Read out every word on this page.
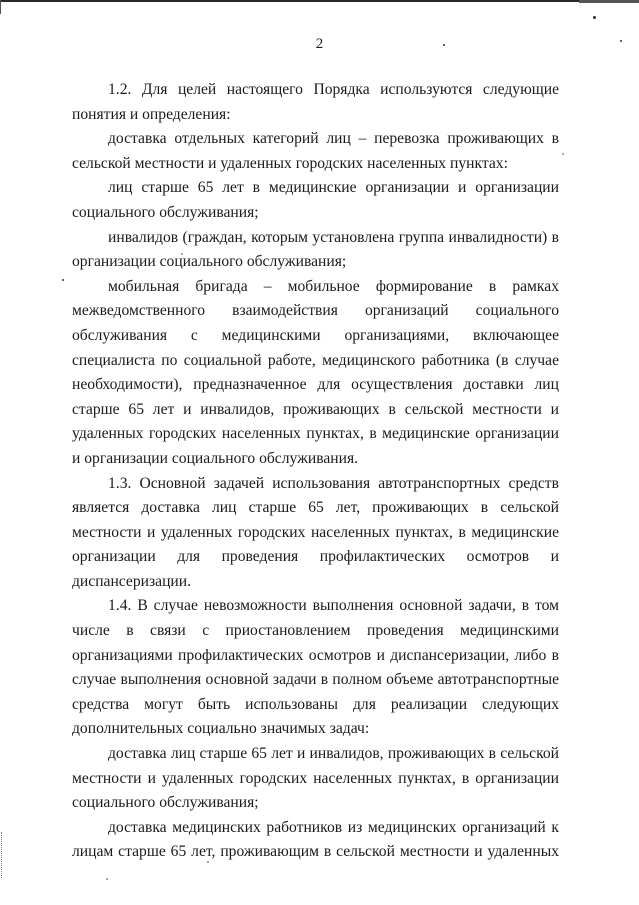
2

1.2. Для целей настоящего Порядка используются следующие понятия и определения:

доставка отдельных категорий лиц – перевозка проживающих в сельской местности и удаленных городских населенных пунктах:

лиц старше 65 лет в медицинские организации и организации социального обслуживания;

инвалидов (граждан, которым установлена группа инвалидности) в организации социального обслуживания;

мобильная бригада – мобильное формирование в рамках межведомственного взаимодействия организаций социального обслуживания с медицинскими организациями, включающее специалиста по социальной работе, медицинского работника (в случае необходимости), предназначенное для осуществления доставки лиц старше 65 лет и инвалидов, проживающих в сельской местности и удаленных городских населенных пунктах, в медицинские организации и организации социального обслуживания.

1.3. Основной задачей использования автотранспортных средств является доставка лиц старше 65 лет, проживающих в сельской местности и удаленных городских населенных пунктах, в медицинские организации для проведения профилактических осмотров и диспансеризации.

1.4. В случае невозможности выполнения основной задачи, в том числе в связи с приостановлением проведения медицинскими организациями профилактических осмотров и диспансеризации, либо в случае выполнения основной задачи в полном объеме автотранспортные средства могут быть использованы для реализации следующих дополнительных социально значимых задач:

доставка лиц старше 65 лет и инвалидов, проживающих в сельской местности и удаленных городских населенных пунктах, в организации социального обслуживания;

доставка медицинских работников из медицинских организаций к лицам старше 65 лет, проживающим в сельской местности и удаленных
